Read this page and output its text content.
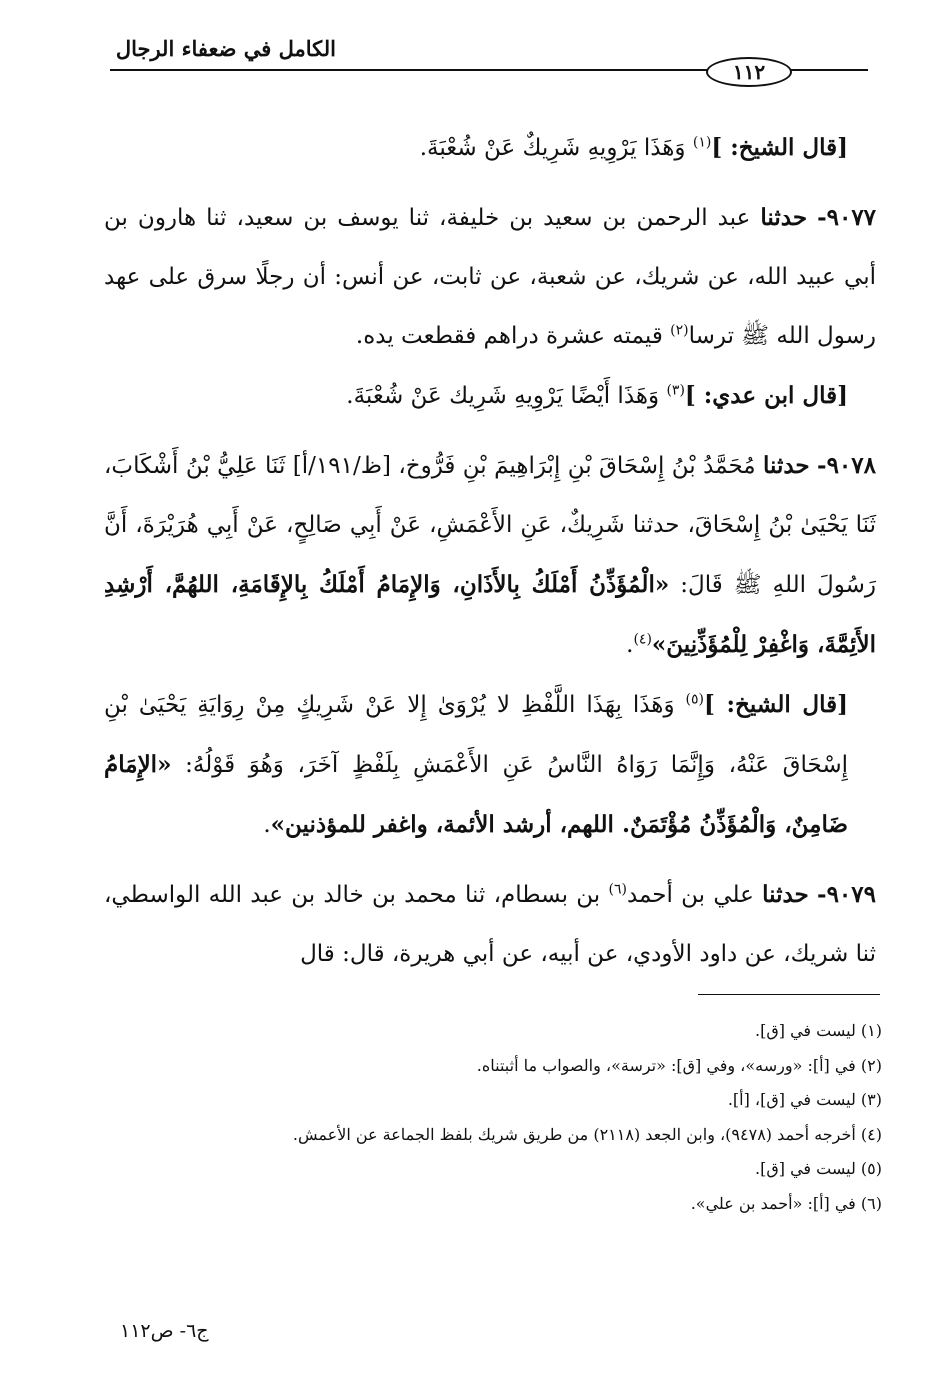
الكامل في ضعفاء الرجال
١١٢

[قال الشيخ: ]$^{(١)}$ وَهَذَا يَرْوِيهِ شَرِيكٌ عَنْ شُعْبَةَ.

٩٠٧٧- حدثنا عبد الرحمن بن سعيد بن خليفة، ثنا يوسف بن سعيد، ثنا هارون بن أبي عبيد الله، عن شريك، عن شعبة، عن ثابت، عن أنس: أن رجلًا سرق على عهد رسول الله ﷺ ترسا$^{(٢)}$ قيمته عشرة دراهم فقطعت يده.

[قال ابن عدي: ]$^{(٣)}$ وَهَذَا أَيْضًا يَرْوِيهِ شَرِيك عَنْ شُعْبَةَ.

٩٠٧٨- حدثنا مُحَمَّدُ بْنُ إِسْحَاقَ بْنِ إِبْرَاهِيمَ بْنِ فَرُّوخ، [ظ/١٩١/أ] ثَنَا عَلِيُّ بْنُ أَشْكَابَ، ثَنَا يَحْيَىٰ بْنُ إِسْحَاقَ، حدثنا شَرِيكٌ، عَنِ الأَعْمَشِ، عَنْ أَبِي صَالِحٍ، عَنْ أَبِي هُرَيْرَةَ، أَنَّ رَسُولَ اللهِ ﷺ قَالَ: «الْمُؤَذِّنُ أَمْلَكُ بِالأَذَانِ، وَالإِمَامُ أَمْلَكُ بِالإِقَامَةِ، اللهُمَّ، أَرْشِدِ الأَئِمَّةَ، وَاغْفِرْ لِلْمُؤَذِّنِينَ»$^{(٤)}$.

[قال الشيخ: ]$^{(٥)}$ وَهَذَا بِهَذَا اللَّفْظِ لا يُرْوَىٰ إِلا عَنْ شَرِيكٍ مِنْ رِوَايَةِ يَحْيَىٰ بْنِ إِسْحَاقَ عَنْهُ، وَإِنَّمَا رَوَاهُ النَّاسُ عَنِ الأَعْمَشِ بِلَفْظٍ آخَرَ، وَهُوَ قَوْلُهُ: «الإِمَامُ ضَامِنٌ، وَالْمُؤَذِّنُ مُؤْتَمَنٌ. اللهم، أرشد الأئمة، واغفر للمؤذنين».

٩٠٧٩- حدثنا علي بن أحمد$^{(٦)}$ بن بسطام، ثنا محمد بن خالد بن عبد الله الواسطي، ثنا شريك، عن داود الأودي، عن أبيه، عن أبي هريرة، قال: قال

(١) ليست في [ق].

(٢) في [أ]: «ورسه»، وفي [ق]: «ترسة»، والصواب ما أثبتناه.

(٣) ليست في [ق]، [أ].

(٤) أخرجه أحمد (٩٤٧٨)، وابن الجعد (٢١١٨) من طريق شريك بلفظ الجماعة عن الأعمش.

(٥) ليست في [ق].

(٦) في [أ]: «أحمد بن علي».

ج٦- ص١١٢
